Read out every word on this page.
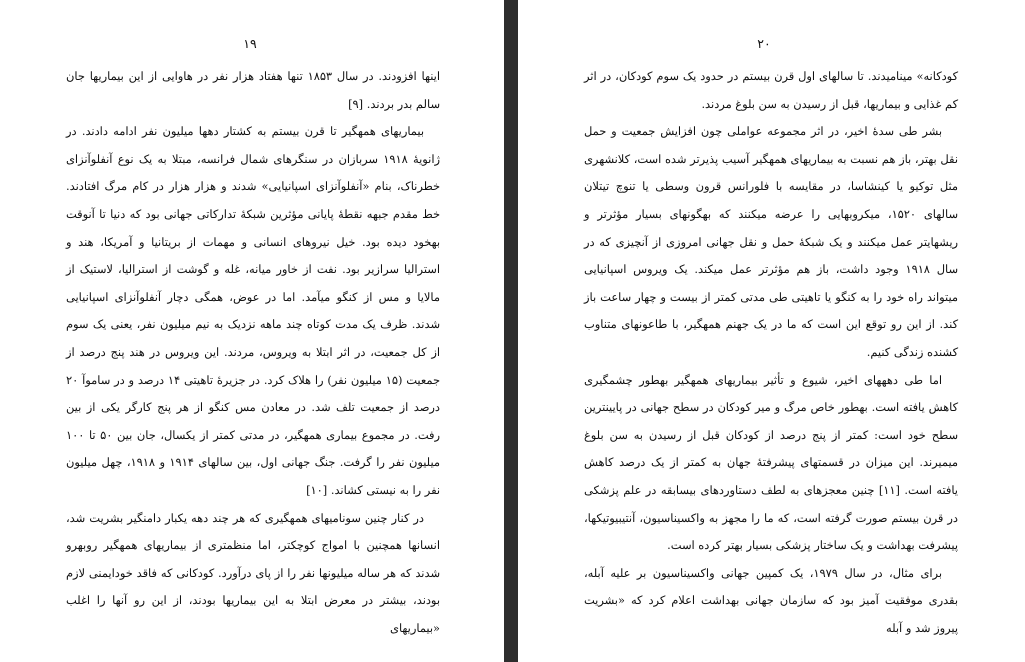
۱۹

اینها افزودند. در سال ۱۸۵۳ تنها هفتاد هزار نفر در هاوایی از این بیماریها جان سالم بدر بردند. [۹]

بیماریهای همهگیر تا قرن بیستم به کشتار دهها میلیون نفر ادامه دادند. در ژانویهٔ ۱۹۱۸ سربازان در سنگرهای شمال فرانسه، مبتلا به یک نوع آنفلوآنزای خطرناک، بنام «آنفلوآنزای اسپانیایی» شدند و هزار هزار در کام مرگ افتادند. خط مقدم جبهه نقطهٔ پایانی مؤثرین شبکهٔ تدارکاتی جهانی بود که دنیا تا آنوقت بهخود دیده بود. خیل نیروهای انسانی و مهمات از بریتانیا و آمریکا، هند و استرالیا سرازیر بود. نفت از خاور میانه، غله و گوشت از استرالیا، لاستیک از مالایا و مس از کنگو میآمد. اما در عوض، همگی دچار آنفلوآنزای اسپانیایی شدند. ظرف یک مدت کوتاه چند ماهه نزدیک به نیم میلیون نفر، یعنی یک سوم از کل جمعیت، در اثر ابتلا به ویروس، مردند. این ویروس در هند پنج درصد از جمعیت (۱۵ میلیون نفر) را هلاک کرد. در جزیرهٔ تاهیتی ۱۴ درصد و در ساموآ ۲۰ درصد از جمعیت تلف شد. در معادن مس کنگو از هر پنج کارگر یکی از بین رفت. در مجموع بیماری همهگیر، در مدتی کمتر از یکسال، جان بین ۵۰ تا ۱۰۰ میلیون نفر را گرفت. جنگ جهانی اول، بین سالهای ۱۹۱۴ و ۱۹۱۸، چهل میلیون نفر را به نیستی کشاند. [۱۰]

در کنار چنین سونامیهای همهگیری که هر چند دهه یکبار دامنگیر بشریت شد، انسانها همچنین با امواج کوچکتر، اما منظمتری از بیماریهای همهگیر روبهرو شدند که هر ساله میلیونها نفر را از پای درآورد. کودکانی که فاقد خودایمنی لازم بودند، بیشتر در معرض ابتلا به این بیماریها بودند، از این رو آنها را اغلب «بیماریهای

۲۰

کودکانه» مینامیدند. تا سالهای اول قرن بیستم در حدود یک سوم کودکان، در اثر کم غذایی و بیماریها، قبل از رسیدن به سن بلوغ مردند.

بشر طی سدهٔ اخیر، در اثر مجموعه عواملی چون افزایش جمعیت و حمل نقل بهتر، باز هم نسبت به بیماریهای همهگیر آسیب پذیرتر شده است، کلانشهری مثل توکیو یا کینشاسا، در مقایسه با فلورانس قرون وسطی یا تنوچ تیتلان سالهای ۱۵۲۰، میکروبهایی را عرضه میکنند که بهگونهای بسیار مؤثرتر و ریشهایتر عمل میکنند و یک شبکهٔ حمل و نقل جهانی امروزی از آنچیزی که در سال ۱۹۱۸ وجود داشت، باز هم مؤثرتر عمل میکند. یک ویروس اسپانیایی میتواند راه خود را به کنگو یا تاهیتی طی مدتی کمتر از بیست و چهار ساعت باز کند. از این رو توقع این است که ما در یک جهنم همهگیر، با طاعونهای متناوب کشنده زندگی کنیم.

اما طی دهههای اخیر، شیوع و تأثیر بیماریهای همهگیر بهطور چشمگیری کاهش یافته است. بهطور خاص مرگ و میر کودکان در سطح جهانی در پایینترین سطح خود است: کمتر از پنج درصد از کودکان قبل از رسیدن به سن بلوغ میمیرند. این میزان در قسمتهای پیشرفتهٔ جهان به کمتر از یک درصد کاهش یافته است. [۱۱] چنین معجزهای به لطف دستاوردهای بیسابقه در علم پزشکی در قرن بیستم صورت گرفته است، که ما را مجهز به واکسیناسیون، آنتیبیوتیکها، پیشرفت بهداشت و یک ساختار پزشکی بسیار بهتر کرده است.

برای مثال، در سال ۱۹۷۹، یک کمپین جهانی واکسیناسیون بر علیه آبله، بقدری موفقیت آمیز بود که سازمان جهانی بهداشت اعلام کرد که «بشریت پیروز شد و آبله
